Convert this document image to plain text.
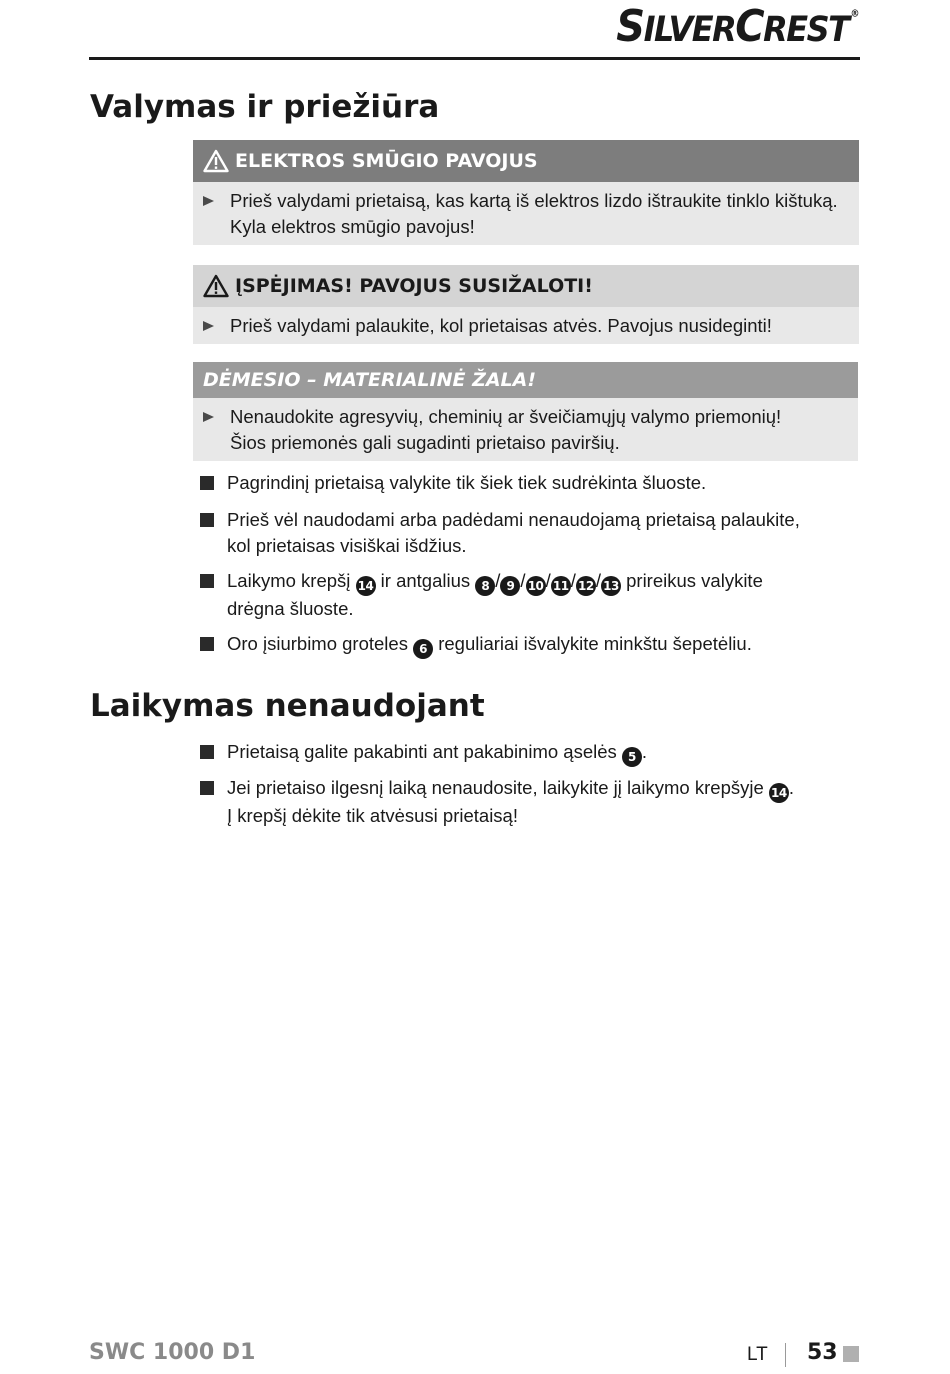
SILVERCREST ®
Valymas ir priežiūra
ELEKTROS SMŪGIO PAVOJUS
Prieš valydami prietaisą, kas kartą iš elektros lizdo ištraukite tinklo kištuką.
Kyla elektros smūgio pavojus!
ĮSPĖJIMAS! PAVOJUS SUSIŽALOTI!
Prieš valydami palaukite, kol prietaisas atvės. Pavojus nusideginti!
DĖMESIO – MATERIALINĖ ŽALA!
Nenaudokite agresyvių, cheminių ar šveičiamųjų valymo priemonių!
Šios priemonės gali sugadinti prietaiso paviršių.
Pagrindinį prietaisą valykite tik šiek tiek sudrėkinta šluoste.
Prieš vėl naudodami arba padėdami nenaudojamą prietaisą palaukite,
kol prietaisas visiškai išdžius.
Laikymo krepšį 14 ir antgalius 8 / 9 / 10 / 11 / 12 / 13 prireikus valykite
drėgna šluoste.
Oro įsiurbimo groteles 6 reguliariai išvalykite minkštu šepetėliu.
Laikymas nenaudojant
Prietaisą galite pakabinti ant pakabinimo ąselės 5 .
Jei prietaiso ilgesnį laiką nenaudosite, laikykite jį laikymo krepšyje 14 .
Į krepšį dėkite tik atvėsusi prietaisą!
SWC 1000 D1	LT 53
